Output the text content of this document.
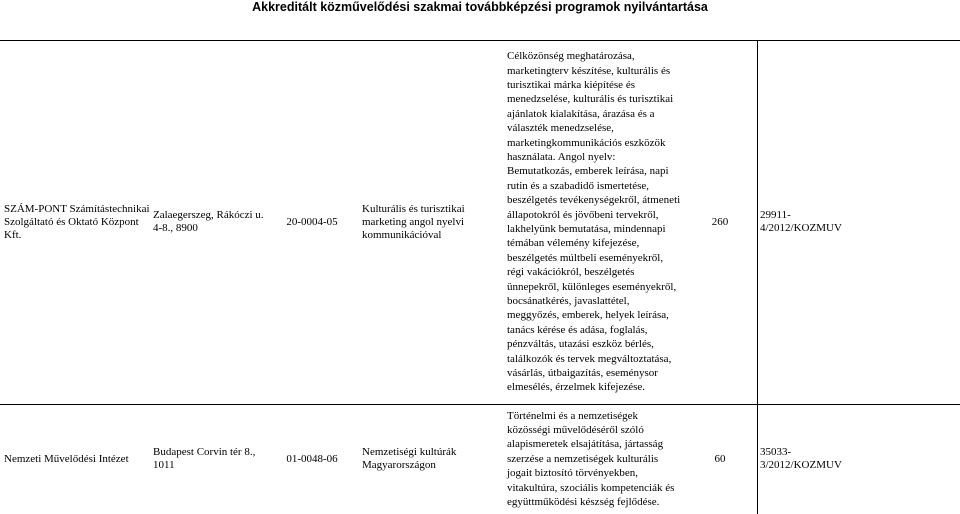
Akkreditált közművelődési szakmai továbbképzési programok nyilvántartása
SZÁM-PONT Számítástechnikai Szolgáltató és Oktató Központ Kft.
Zalaegerszeg, Rákóczi u. 4-8., 8900
20-0004-05
Kulturális és turisztikai marketing angol nyelvi kommunikációval
Célközönség meghatározása, marketingterv készítése, kulturális és turisztikai márka kiépítése és menedzselése, kulturális és turisztikai ajánlatok kialakítása, árazása és a választék menedzselése, marketingkommunikációs eszközök használata. Angol nyelv: Bemutatkozás, emberek leírása, napi rutin és a szabadidő ismertetése, beszélgetés tevékenységekről, átmeneti állapotokról és jövőbeni tervekről, lakhelyünk bemutatása, mindennapi témában vélemény kifejezése, beszélgetés múltbeli eseményekről, régi vakációkról, beszélgetés ünnepekről, különleges eseményekről, bocsánatkérés, javaslattétel, meggyőzés, emberek, helyek leírása, tanács kérése és adása, foglalás, pénzváltás, utazási eszköz bérlés, találkozók és tervek megváltoztatása, vásárlás, útbaigazítás, eseménysor elmesélés, érzelmek kifejezése.
260
29911-4/2012/KOZMUV
Nemzeti Művelődési Intézet
Budapest Corvin tér 8., 1011
01-0048-06
Nemzetiségi kultúrák Magyarországon
Történelmi és a nemzetiségek közösségi művelődéséről szóló alapismeretek elsajátítása, jártasság szerzése a nemzetiségek kulturális jogait biztosító törvényekben, vitakultúra, szociális kompetenciák és együttműködési készség fejlődése.
60
35033-3/2012/KOZMUV
